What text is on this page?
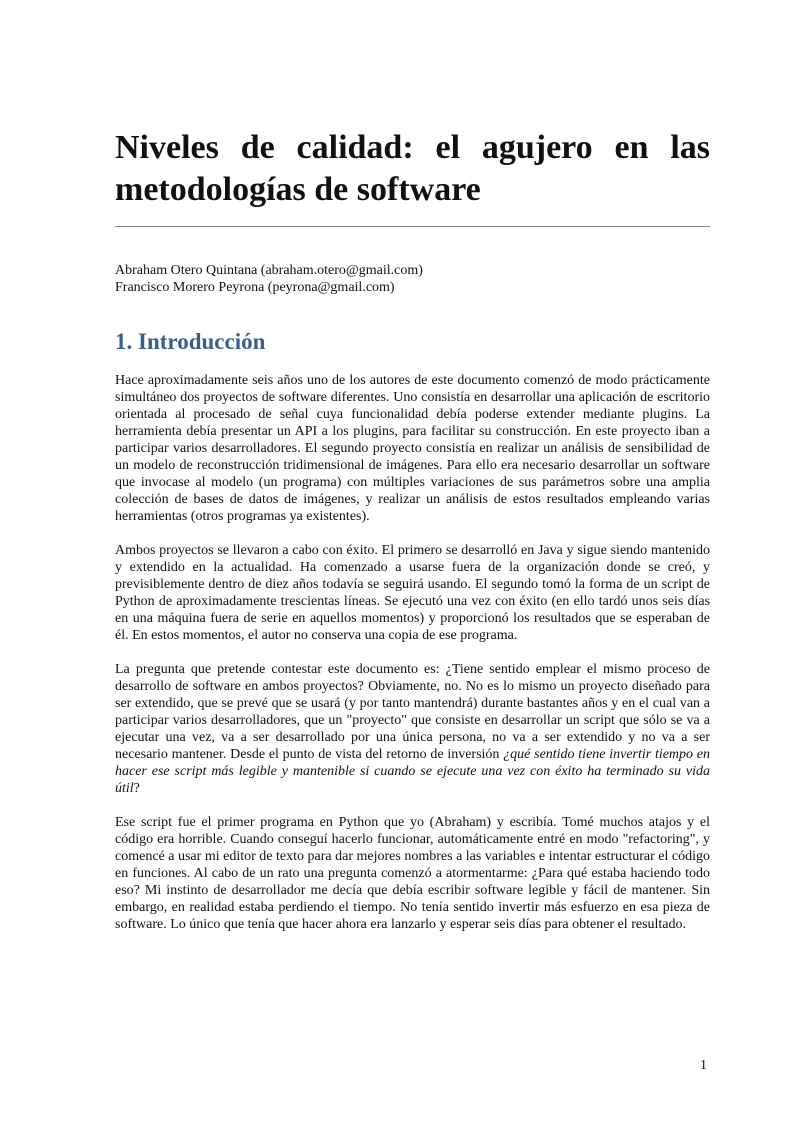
Niveles de calidad: el agujero en las metodologías de software
Abraham Otero Quintana (abraham.otero@gmail.com)
Francisco Morero Peyrona (peyrona@gmail.com)
1. Introducción

Hace aproximadamente seis años uno de los autores de este documento comenzó de modo prácticamente simultáneo dos proyectos de software diferentes. Uno consistía en desarrollar una aplicación de escritorio orientada al procesado de señal cuya funcionalidad debía poderse extender mediante plugins. La herramienta debía presentar un API a los plugins, para facilitar su construcción. En este proyecto iban a participar varios desarrolladores. El segundo proyecto consistía en realizar un análisis de sensibilidad de un modelo de reconstrucción tridimensional de imágenes. Para ello era necesario desarrollar un software que invocase al modelo (un programa) con múltiples variaciones de sus parámetros sobre una amplia colección de bases de datos de imágenes, y realizar un análisis de estos resultados empleando varias herramientas (otros programas ya existentes).

Ambos proyectos se llevaron a cabo con éxito. El primero se desarrolló en Java y sigue siendo mantenido y extendido en la actualidad. Ha comenzado a usarse fuera de la organización donde se creó, y previsiblemente dentro de diez años todavía se seguirá usando. El segundo tomó la forma de un script de Python de aproximadamente trescientas líneas. Se ejecutó una vez con éxito (en ello tardó unos seis días en una máquina fuera de serie en aquellos momentos) y proporcionó los resultados que se esperaban de él. En estos momentos, el autor no conserva una copia de ese programa.

La pregunta que pretende contestar este documento es: ¿Tiene sentido emplear el mismo proceso de desarrollo de software en ambos proyectos? Obviamente, no. No es lo mismo un proyecto diseñado para ser extendido, que se prevé que se usará (y por tanto mantendrá) durante bastantes años y en el cual van a participar varios desarrolladores, que un "proyecto" que consiste en desarrollar un script que sólo se va a ejecutar una vez, va a ser desarrollado por una única persona, no va a ser extendido y no va a ser necesario mantener. Desde el punto de vista del retorno de inversión ¿qué sentido tiene invertir tiempo en hacer ese script más legible y mantenible si cuando se ejecute una vez con éxito ha terminado su vida útil?

Ese script fue el primer programa en Python que yo (Abraham) y escribía. Tomé muchos atajos y el código era horrible. Cuando conseguí hacerlo funcionar, automáticamente entré en modo "refactoring", y comencé a usar mi editor de texto para dar mejores nombres a las variables e intentar estructurar el código en funciones. Al cabo de un rato una pregunta comenzó a atormentarme: ¿Para qué estaba haciendo todo eso? Mi instinto de desarrollador me decía que debía escribir software legible y fácil de mantener. Sin embargo, en realidad estaba perdiendo el tiempo. No tenía sentido invertir más esfuerzo en esa pieza de software. Lo único que tenía que hacer ahora era lanzarlo y esperar seis días para obtener el resultado.

1
